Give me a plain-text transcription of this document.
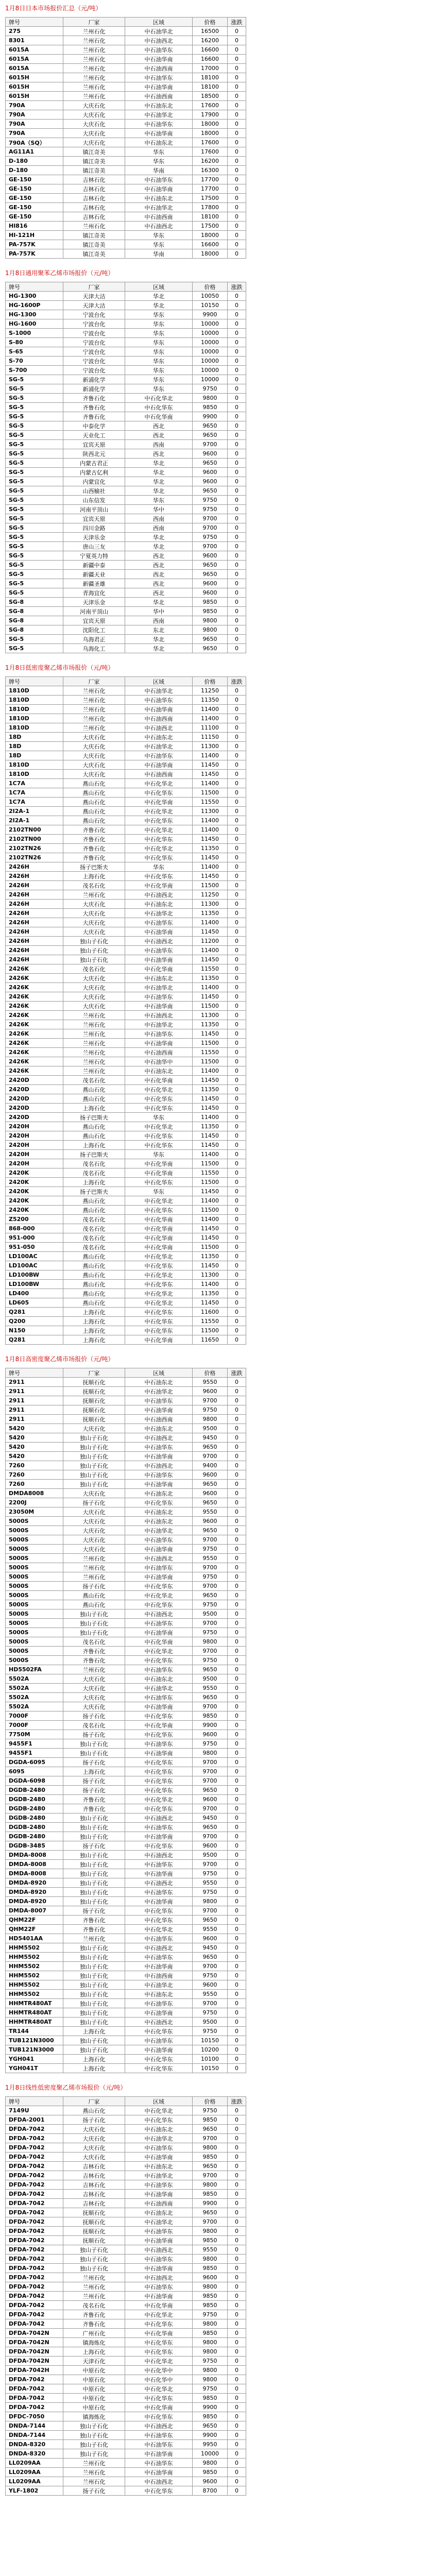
1月8日日本市场报价汇总（元/吨）
牌号	厂家	区域	价格	涨跌
275	兰州石化	中石油华北	16500	0
8301	兰州石化	中石油西北	16200	0
6015A	兰州石化	中石油华东	16600	0
6015A	兰州石化	中石油华南	16600	0
6015A	兰州石化	中石油西南	17000	0
6015H	兰州石化	中石油华东	18100	0
6015H	兰州石化	中石油华南	18100	0
6015H	兰州石化	中石油西南	18500	0
790A	大庆石化	中石油东北	17600	0
790A	大庆石化	中石油华北	17900	0
790A	大庆石化	中石油华东	18000	0
790A	大庆石化	中石油华南	18000	0
790A（SQ）	大庆石化	中石油东北	17600	0
AG11A1	镇江奇美	华东	17600	0
D-180	镇江奇美	华东	16200	0
D-180	镇江奇美	华南	16300	0
GE-150	吉林石化	中石油华东	17700	0
GE-150	吉林石化	中石油华南	17700	0
GE-150	吉林石化	中石油东北	17500	0
GE-150	吉林石化	中石油华北	17800	0
GE-150	吉林石化	中石油西南	18100	0
HI816	兰州石化	中石油西北	17500	0
HI-121H	镇江奇美	华东	18000	0
PA-757K	镇江奇美	华东	16600	0
PA-757K	镇江奇美	华南	18000	0
1月8日通用聚苯乙烯市场报价（元/吨）
牌号	厂家	区域	价格	涨跌
HG-1300	天津大沽	华北	10050	0
HG-1600P	天津大沽	华北	10150	0
HG-1300	宁波台化	华东	9900	0
HG-1600	宁波台化	华东	10000	0
S-1000	宁波台化	华东	10000	0
S-80	宁波台化	华东	10000	0
S-65	宁波台化	华东	10000	0
S-70	宁波台化	华东	10000	0
S-700	宁波台化	华东	10000	0
SG-5	新浦化学	华东	10000	0
SG-5	新浦化学	华东	9750	0
SG-5	齐鲁石化	中石化华北	9800	0
SG-5	齐鲁石化	中石化华东	9850	0
SG-5	齐鲁石化	中石化华南	9900	0
SG-5	中泰化学	西北	9650	0
SG-5	天业化工	西北	9650	0
SG-5	宜宾天原	西南	9700	0
SG-5	陕西北元	西北	9600	0
SG-5	内蒙古君正	华北	9650	0
SG-5	内蒙古亿利	华北	9600	0
SG-5	内蒙宜化	华北	9600	0
SG-5	山西榆社	华北	9650	0
SG-5	山东信发	华东	9750	0
SG-5	河南平顶山	华中	9750	0
SG-5	宜宾天原	西南	9700	0
SG-5	四川金路	西南	9700	0
SG-5	天津乐金	华北	9750	0
SG-5	唐山三友	华北	9700	0
SG-5	宁夏英力特	西北	9600	0
SG-5	新疆中泰	西北	9650	0
SG-5	新疆天业	西北	9650	0
SG-5	新疆圣雄	西北	9600	0
SG-5	青海宜化	西北	9600	0
SG-8	天津乐金	华北	9850	0
SG-8	河南平顶山	华中	9850	0
SG-8	宜宾天原	西南	9800	0
SG-8	沈阳化工	东北	9800	0
SG-5	乌海君正	华北	9650	0
SG-5	乌海化工	华北	9650	0
1月8日低密度聚乙烯市场报价（元/吨）
牌号	厂家	区域	价格	涨跌
1810D	兰州石化	中石油华北	11250	0
1810D	兰州石化	中石油华东	11350	0
1810D	兰州石化	中石油华南	11400	0
1810D	兰州石化	中石油西南	11400	0
1810D	兰州石化	中石油西北	11100	0
18D	大庆石化	中石油东北	11150	0
18D	大庆石化	中石油华北	11300	0
18D	大庆石化	中石油华东	11400	0
1810D	大庆石化	中石油华南	11450	0
1810D	大庆石化	中石油西南	11450	0
1C7A	燕山石化	中石化华北	11400	0
1C7A	燕山石化	中石化华东	11500	0
1C7A	燕山石化	中石化华南	11550	0
2I2A-1	燕山石化	中石化华北	11300	0
2I2A-1	燕山石化	中石化华东	11400	0
2102TN00	齐鲁石化	中石化华北	11400	0
2102TN00	齐鲁石化	中石化华东	11450	0
2102TN26	齐鲁石化	中石化华北	11350	0
2102TN26	齐鲁石化	中石化华东	11450	0
2426H	扬子巴斯夫	华东	11400	0
2426H	上海石化	中石化华东	11450	0
2426H	茂名石化	中石化华南	11500	0
2426H	兰州石化	中石油西北	11250	0
2426H	大庆石化	中石油东北	11300	0
2426H	大庆石化	中石油华北	11350	0
2426H	大庆石化	中石油华东	11400	0
2426H	大庆石化	中石油华南	11450	0
2426H	独山子石化	中石油西北	11200	0
2426H	独山子石化	中石油华东	11400	0
2426H	独山子石化	中石油华南	11450	0
2426K	茂名石化	中石化华南	11550	0
2426K	大庆石化	中石油东北	11350	0
2426K	大庆石化	中石油华北	11400	0
2426K	大庆石化	中石油华东	11450	0
2426K	大庆石化	中石油华南	11500	0
2426K	兰州石化	中石油西北	11300	0
2426K	兰州石化	中石油华北	11350	0
2426K	兰州石化	中石油华东	11450	0
2426K	兰州石化	中石油华南	11500	0
2426K	兰州石化	中石油西南	11550	0
2426K	兰州石化	中石油华中	11500	0
2426K	兰州石化	中石油东北	11400	0
2420D	茂名石化	中石化华南	11450	0
2420D	燕山石化	中石化华北	11350	0
2420D	燕山石化	中石化华东	11450	0
2420D	上海石化	中石化华东	11450	0
2420D	扬子巴斯夫	华东	11400	0
2420H	燕山石化	中石化华北	11350	0
2420H	燕山石化	中石化华东	11450	0
2420H	上海石化	中石化华东	11450	0
2420H	扬子巴斯夫	华东	11400	0
2420H	茂名石化	中石化华南	11500	0
2420K	茂名石化	中石化华南	11550	0
2420K	上海石化	中石化华东	11500	0
2420K	扬子巴斯夫	华东	11450	0
2420K	燕山石化	中石化华北	11400	0
2420K	燕山石化	中石化华东	11500	0
Z5200	茂名石化	中石化华南	11400	0
868-000	茂名石化	中石化华南	11450	0
951-000	茂名石化	中石化华南	11450	0
951-050	茂名石化	中石化华南	11500	0
LD100AC	燕山石化	中石化华北	11350	0
LD100AC	燕山石化	中石化华东	11450	0
LD100BW	燕山石化	中石化华北	11300	0
LD100BW	燕山石化	中石化华东	11400	0
LD400	燕山石化	中石化华北	11350	0
LD605	燕山石化	中石化华北	11450	0
Q281	上海石化	中石化华东	11600	0
Q200	上海石化	中石化华东	11550	0
N150	上海石化	中石化华东	11500	0
Q281	上海石化	中石化华南	11650	0
1月8日高密度聚乙烯市场报价（元/吨）
牌号	厂家	区域	价格	涨跌
2911	抚顺石化	中石油东北	9550	0
2911	抚顺石化	中石油华北	9600	0
2911	抚顺石化	中石油华东	9700	0
2911	抚顺石化	中石油华南	9750	0
2911	抚顺石化	中石油西南	9800	0
5420	大庆石化	中石油东北	9500	0
5420	独山子石化	中石油西北	9450	0
5420	独山子石化	中石油华东	9650	0
5420	独山子石化	中石油华南	9700	0
7260	独山子石化	中石油西北	9400	0
7260	独山子石化	中石油华东	9600	0
7260	独山子石化	中石油华南	9650	0
DMDA8008	大庆石化	中石油东北	9600	0
2200J	扬子石化	中石化华东	9650	0
23050M	大庆石化	中石油东北	9550	0
5000S	大庆石化	中石油东北	9600	0
5000S	大庆石化	中石油华北	9650	0
5000S	大庆石化	中石油华东	9700	0
5000S	大庆石化	中石油华南	9750	0
5000S	兰州石化	中石油西北	9550	0
5000S	兰州石化	中石油华东	9700	0
5000S	兰州石化	中石油华南	9750	0
5000S	扬子石化	中石化华东	9700	0
5000S	燕山石化	中石化华北	9650	0
5000S	燕山石化	中石化华东	9750	0
5000S	独山子石化	中石油西北	9500	0
5000S	独山子石化	中石油华东	9700	0
5000S	独山子石化	中石油华南	9750	0
5000S	茂名石化	中石化华南	9800	0
5000S	齐鲁石化	中石化华北	9700	0
5000S	齐鲁石化	中石化华东	9750	0
HD5502FA	兰州石化	中石油华东	9650	0
5502A	大庆石化	中石油东北	9500	0
5502A	大庆石化	中石油华北	9550	0
5502A	大庆石化	中石油华东	9650	0
5502A	大庆石化	中石油华南	9700	0
7000F	扬子石化	中石化华东	9850	0
7000F	茂名石化	中石化华南	9900	0
7750M	扬子石化	中石化华东	9600	0
9455F1	独山子石化	中石油华东	9750	0
9455F1	独山子石化	中石油华南	9800	0
DGDA-6095	扬子石化	中石化华东	9700	0
6095	上海石化	中石化华东	9700	0
DGDA-6098	扬子石化	中石化华东	9700	0
DGDB-2480	扬子石化	中石化华东	9650	0
DGDB-2480	齐鲁石化	中石化华北	9600	0
DGDB-2480	齐鲁石化	中石化华东	9700	0
DGDB-2480	独山子石化	中石油西北	9450	0
DGDB-2480	独山子石化	中石油华东	9650	0
DGDB-2480	独山子石化	中石油华南	9700	0
DGDB-3485	扬子石化	中石化华东	9600	0
DMDA-8008	独山子石化	中石油西北	9500	0
DMDA-8008	独山子石化	中石油华东	9700	0
DMDA-8008	独山子石化	中石油华南	9750	0
DMDA-8920	独山子石化	中石油西北	9550	0
DMDA-8920	独山子石化	中石油华东	9750	0
DMDA-8920	独山子石化	中石油华南	9800	0
DMDA-8007	扬子石化	中石化华东	9700	0
QHM22F	齐鲁石化	中石化华东	9650	0
QHM22F	齐鲁石化	中石化华北	9550	0
HD5401AA	兰州石化	中石油华东	9600	0
HHM5502	独山子石化	中石油西北	9450	0
HHM5502	独山子石化	中石油华东	9650	0
HHM5502	独山子石化	中石油华南	9700	0
HHM5502	独山子石化	中石油西南	9750	0
HHM5502	独山子石化	中石油华北	9600	0
HHM5502	独山子石化	中石油东北	9550	0
HHMTR480AT	独山子石化	中石油华东	9700	0
HHMTR480AT	独山子石化	中石油华南	9750	0
HHMTR480AT	独山子石化	中石油西北	9500	0
TR144	上海石化	中石化华东	9750	0
TUB121N3000	独山子石化	中石油华东	10150	0
TUB121N3000	独山子石化	中石油华南	10200	0
YGH041	上海石化	中石化华东	10100	0
YGH041T	上海石化	中石化华东	10150	0
1月8日线性低密度聚乙烯市场报价（元/吨）
牌号	厂家	区域	价格	涨跌
7149U	燕山石化	中石化华北	9750	0
DFDA-2001	扬子石化	中石化华东	9850	0
DFDA-7042	大庆石化	中石油东北	9650	0
DFDA-7042	大庆石化	中石油华北	9700	0
DFDA-7042	大庆石化	中石油华东	9800	0
DFDA-7042	大庆石化	中石油华南	9850	0
DFDA-7042	吉林石化	中石油东北	9650	0
DFDA-7042	吉林石化	中石油华北	9700	0
DFDA-7042	吉林石化	中石油华东	9800	0
DFDA-7042	吉林石化	中石油华南	9850	0
DFDA-7042	吉林石化	中石油西南	9900	0
DFDA-7042	抚顺石化	中石油东北	9650	0
DFDA-7042	抚顺石化	中石油华北	9700	0
DFDA-7042	抚顺石化	中石油华东	9800	0
DFDA-7042	抚顺石化	中石油华南	9850	0
DFDA-7042	独山子石化	中石油西北	9550	0
DFDA-7042	独山子石化	中石油华东	9800	0
DFDA-7042	独山子石化	中石油华南	9850	0
DFDA-7042	兰州石化	中石油西北	9600	0
DFDA-7042	兰州石化	中石油华东	9800	0
DFDA-7042	兰州石化	中石油华南	9850	0
DFDA-7042	茂名石化	中石化华南	9850	0
DFDA-7042	齐鲁石化	中石化华北	9750	0
DFDA-7042	齐鲁石化	中石化华东	9800	0
DFDA-7042N	广州石化	中石化华南	9850	0
DFDA-7042N	镇海炼化	中石化华东	9800	0
DFDA-7042N	上海石化	中石化华东	9800	0
DFDA-7042N	天津石化	中石化华北	9750	0
DFDA-7042H	中原石化	中石化华中	9800	0
DFDA-7042	中原石化	中石化华中	9800	0
DFDA-7042	中原石化	中石化华北	9750	0
DFDA-7042	中原石化	中石化华东	9850	0
DFDA-7042	中原石化	中石化华南	9900	0
DFDC-7050	镇海炼化	中石化华东	9850	0
DNDA-7144	独山子石化	中石油西北	9650	0
DNDA-7144	独山子石化	中石油华东	9900	0
DNDA-8320	独山子石化	中石油华东	9950	0
DNDA-8320	独山子石化	中石油华南	10000	0
LL0209AA	兰州石化	中石油华东	9800	0
LL0209AA	兰州石化	中石油华南	9850	0
LL0209AA	兰州石化	中石油西北	9600	0
YLF-1802	扬子石化	中石化华东	8700	0
